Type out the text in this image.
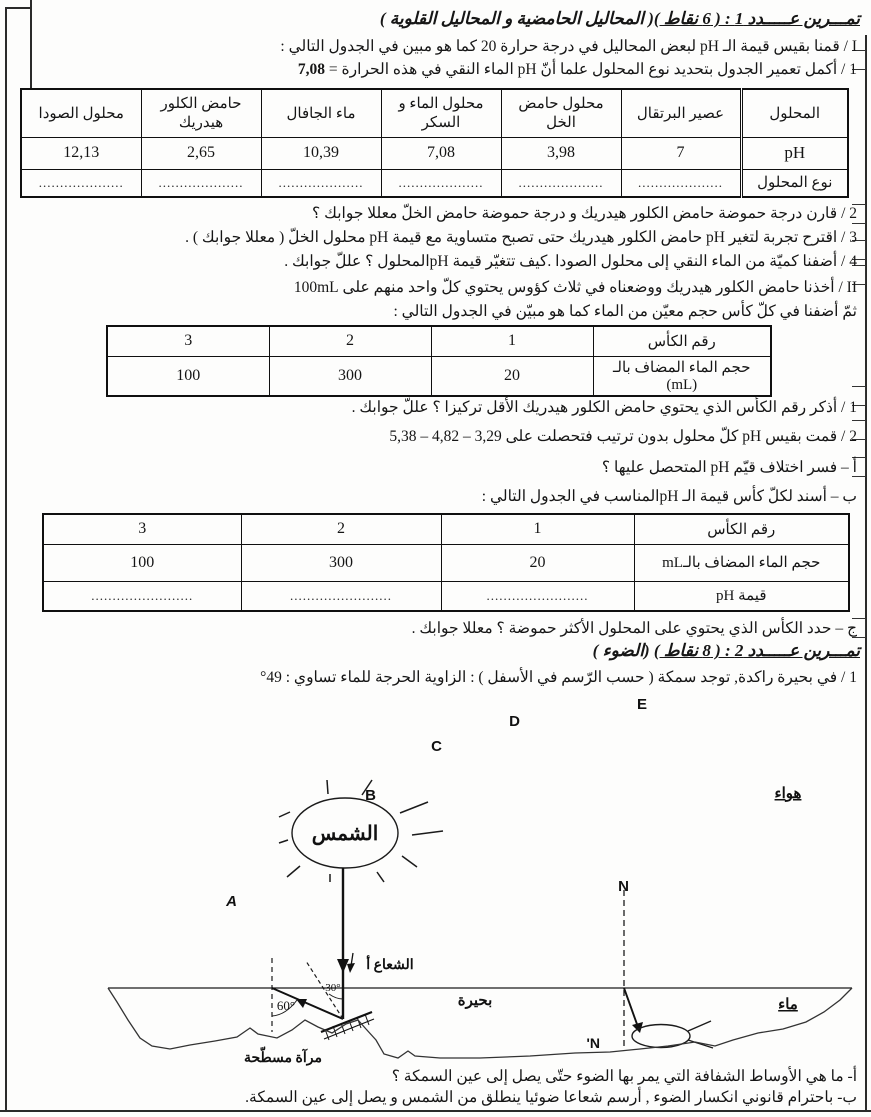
تمـــرين عـــــدد 1 : ( 6 نقاط )( المحاليل الحامضية و المحاليل القلوية )
I / قمنا بقيس قيمة الـ pH لبعض المحاليل في درجة حرارة 20 كما هو مبين في الجدول التالي :
1 / أكمل تعمير الجدول بتحديد نوع المحلول علما أنّ pH الماء النقي في هذه الحرارة = 7,08
المحلول	عصير البرتقال	محلول حامض الخل	محلول الماء و السكر	ماء الجافال	حامض الكلور هيدريك	محلول الصودا
pH	7	3,98	7,08	10,39	2,65	12,13
نوع المحلول	....................	....................	....................	....................	....................	....................
2 / قارن درجة حموضة حامض الكلور هيدريك و درجة حموضة حامض الخلّ معللا جوابك ؟
3 / اقترح تجربة لتغير pH حامض الكلور هيدريك حتى تصبح متساوية مع قيمة pH محلول الخلّ ( معللا جوابك ) .
4 / أضفنا كميّة من الماء النقي إلى محلول الصودا .كيف تتغيّر قيمة pHالمحلول ؟ عللّ جوابك .
II / أخذنا حامض الكلور هيدريك ووضعناه في ثلاث كؤوس يحتوي كلّ واحد منهم على 100mL
ثمّ أضفنا في كلّ كأس حجم معيّن من الماء كما هو مبيّن في الجدول التالي :
رقم الكأس	1	2	3
حجم الماء المضاف بالـ (mL)	20	300	100
1 / أذكر رقم الكأس الذي يحتوي حامض الكلور هيدريك الأقل تركيزا ؟ عللّ جوابك .
2 / قمت بقيس pH كلّ محلول بدون ترتيب فتحصلت على 3,29 – 4,82 – 5,38
أ – فسر اختلاف قيّم pH المتحصل عليها ؟
ب – أسند لكلّ كأس قيمة الـ pHالمناسب في الجدول التالي :
رقم الكأس	1	2	3
حجم الماء المضاف بالـmL	20	300	100
قيمة pH	........................	........................	........................
ج – حدد الكأس الذي يحتوي على المحلول الأكثر حموضة ؟ معللا جوابك .
تمـــرين عـــــدد 2 : ( 8 نقاط ) (الضوء )
1 / في بحيرة راكدة, توجد سمكة ( حسب الرّسم في الأسفل ) : الزاوية الحرجة للماء تساوي : 49°
الشمس
B
C
D
E
A
هواء
الشعاع أ
60°
30°
مرآة مسطّحة
بحيرة
N
N'
ماء
أ- ما هي الأوساط الشفافة التي يمر بها الضوء حتّى يصل إلى عين السمكة ؟
ب- باحترام قانوني انكسار الضوء , أرسم شعاعا ضوئيا ينطلق من الشمس و يصل إلى عين السمكة.
